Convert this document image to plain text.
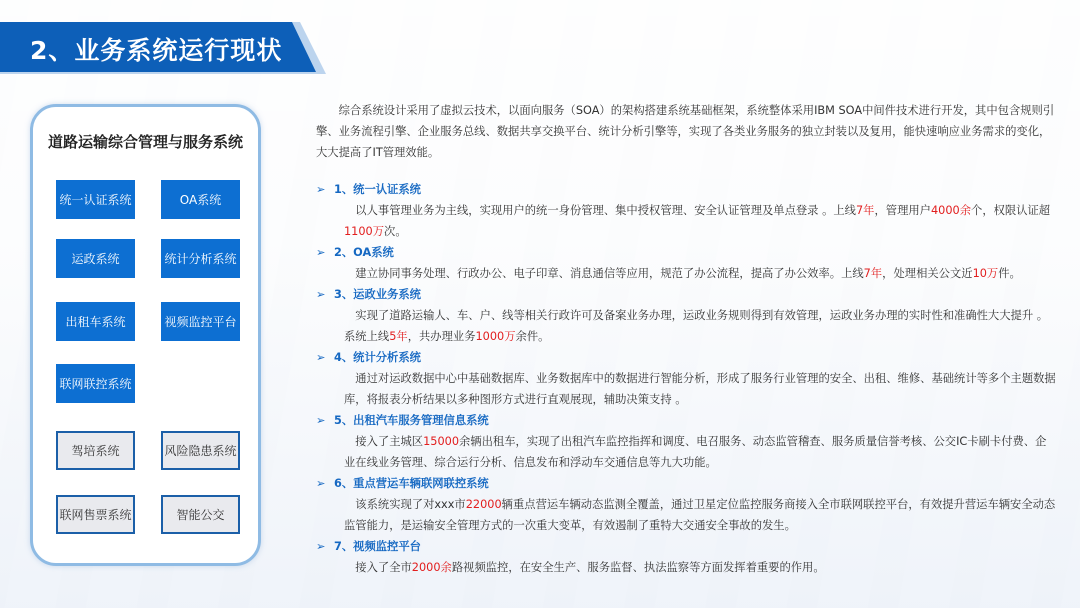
2、业务系统运行现状
道路运输综合管理与服务系统
统一认证系统	OA系统
运政系统	统计分析系统
出租车系统	视频监控平台
联网联控系统
驾培系统	风险隐患系统
联网售票系统	智能公交

综合系统设计采用了虚拟云技术，以面向服务（SOA）的架构搭建系统基础框架，系统整体采用IBM SOA中间件技术进行开发，其中包含规则引擎、业务流程引擎、企业服务总线、数据共享交换平台、统计分析引擎等，实现了各类业务服务的独立封装以及复用，能快速响应业务需求的变化，大大提高了IT管理效能。

➢ 1、统一认证系统

以人事管理业务为主线，实现用户的统一身份管理、集中授权管理、安全认证管理及单点登录 。上线7年，管理用户4000余个，权限认证超1100万次。

➢ 2、OA系统

建立协同事务处理、行政办公、电子印章、消息通信等应用，规范了办公流程，提高了办公效率。上线7年，处理相关公文近10万件。

➢ 3、运政业务系统

实现了道路运输人、车、户、线等相关行政许可及备案业务办理，运政业务规则得到有效管理，运政业务办理的实时性和准确性大大提升 。系统上线5年，共办理业务1000万余件。

➢ 4、统计分析系统

通过对运政数据中心中基础数据库、业务数据库中的数据进行智能分析，形成了服务行业管理的安全、出租、维修、基础统计等多个主题数据库，将报表分析结果以多种图形方式进行直观展现，辅助决策支持 。

➢ 5、出租汽车服务管理信息系统

接入了主城区15000余辆出租车，实现了出租汽车监控指挥和调度、电召服务、动态监管稽查、服务质量信誉考核、公交IC卡刷卡付费、企业在线业务管理、综合运行分析、信息发布和浮动车交通信息等九大功能。

➢ 6、重点营运车辆联网联控系统

该系统实现了对xxx市22000辆重点营运车辆动态监测全覆盖，通过卫星定位监控服务商接入全市联网联控平台，有效提升营运车辆安全动态监管能力，是运输安全管理方式的一次重大变革，有效遏制了重特大交通安全事故的发生。

➢ 7、视频监控平台

接入了全市2000余路视频监控，在安全生产、服务监督、执法监察等方面发挥着重要的作用。
